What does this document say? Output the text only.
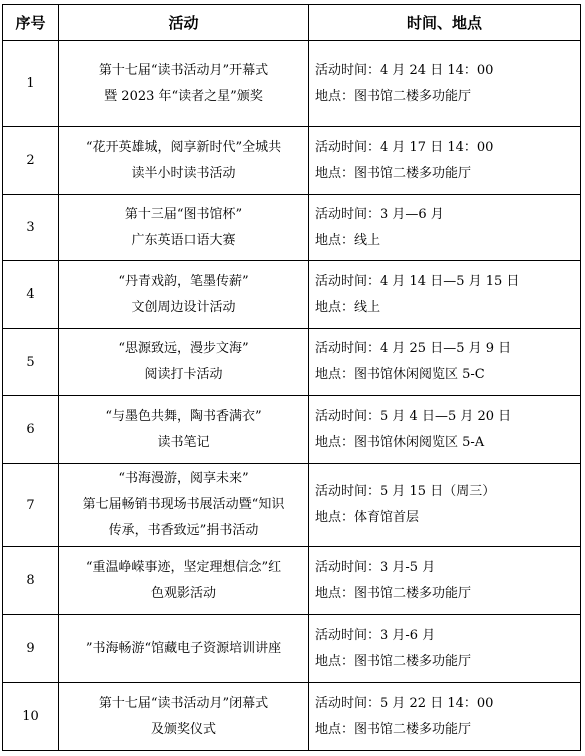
序号	活动	时间、地点
1	第十七届“读书活动月”开幕式
暨 2023 年“读者之星”颁奖	活动时间：4 月 24 日 14：00
地点：图书馆二楼多功能厅

2	“花开英雄城，阅享新时代”全城共
读半小时读书活动	活动时间：4 月 17 日 14：00
地点：图书馆二楼多功能厅

3	第十三届“图书馆杯”
广东英语口语大赛	活动时间：3 月—6 月
地点：线上

4	“丹青戏韵，笔墨传薪”
文创周边设计活动	活动时间：4 月 14 日—5 月 15 日
地点：线上

5	“思源致远，漫步文海”
阅读打卡活动	活动时间：4 月 25 日—5 月 9 日
地点：图书馆休闲阅览区 5-C

6	“与墨色共舞，陶书香满衣”
读书笔记	活动时间：5 月 4 日—5 月 20 日
地点：图书馆休闲阅览区 5-A

7	“书海漫游，阅享未来”
第七届畅销书现场书展活动暨“知识
传承，书香致远”捐书活动	活动时间：5 月 15 日（周三）
地点：体育馆首层

8	“重温峥嵘事迹，坚定理想信念”红
色观影活动	活动时间：3 月-5 月
地点：图书馆二楼多功能厅

9	”书海畅游“馆藏电子资源培训讲座	活动时间：3 月-6 月
地点：图书馆二楼多功能厅

10	第十七届“读书活动月”闭幕式
及颁奖仪式	活动时间：5 月 22 日 14：00
地点：图书馆二楼多功能厅
